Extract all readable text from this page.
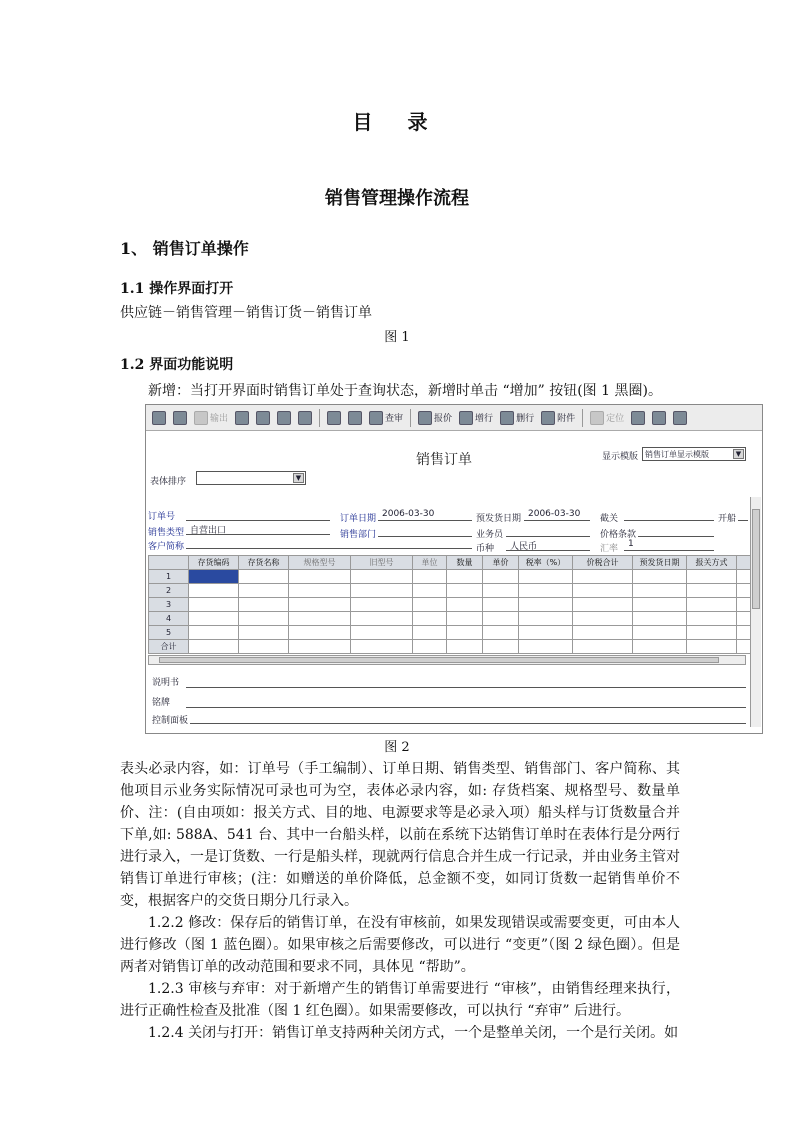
目 录
销售管理操作流程
1、 销售订单操作
1.1 操作界面打开
供应链－销售管理－销售订货－销售订单
图 1
1.2 界面功能说明
新增：当打开界面时销售订单处于查询状态，新增时单击 “增加” 按钮(图 1 黑圈)。
输出	查审	报价	增行	删行	附件	定位
销售订单	显示模版 销售订单显示模版	▼
表体排序	▼
订单号	订单日期 2006-03-30	预发货日期 2006-03-30	截关	开船
销售类型 自营出口	销售部门	业务员	价格条款
客户简称	币种	人民币	汇率	1
	存货编码	存货名称	规格型号	旧型号	单位	数量	单价	税率（%）	价税合计	预发货日期	报关方式	
1												
2												
3												
4												
5												
合计												
说明书
铭牌
控制面板
图 2

表头必录内容，如：订单号（手工编制）、订单日期、销售类型、销售部门、客户简称、其他项目示业务实际情况可录也可为空，表体必录内容，如: 存货档案、规格型号、数量单价、注：(自由项如：报关方式、目的地、电源要求等是必录入项）船头样与订货数量合并下单,如: 588A、541 台、其中一台船头样，以前在系统下达销售订单时在表体行是分两行进行录入，一是订货数、一行是船头样，现就两行信息合并生成一行记录，并由业务主管对销售订单进行审核；(注：如赠送的单价降低，总金额不变，如同订货数一起销售单价不变，根据客户的交货日期分几行录入。

1.2.2 修改：保存后的销售订单，在没有审核前，如果发现错误或需要变更，可由本人进行修改（图 1 蓝色圈）。如果审核之后需要修改，可以进行 “变更”（图 2 绿色圈）。但是两者对销售订单的改动范围和要求不同，具体见 “帮助”。

1.2.3 审核与弃审：对于新增产生的销售订单需要进行 “审核”，由销售经理来执行，进行正确性检查及批准（图 1 红色圈）。如果需要修改，可以执行 “弃审” 后进行。

1.2.4 关闭与打开：销售订单支持两种关闭方式，一个是整单关闭，一个是行关闭。如
